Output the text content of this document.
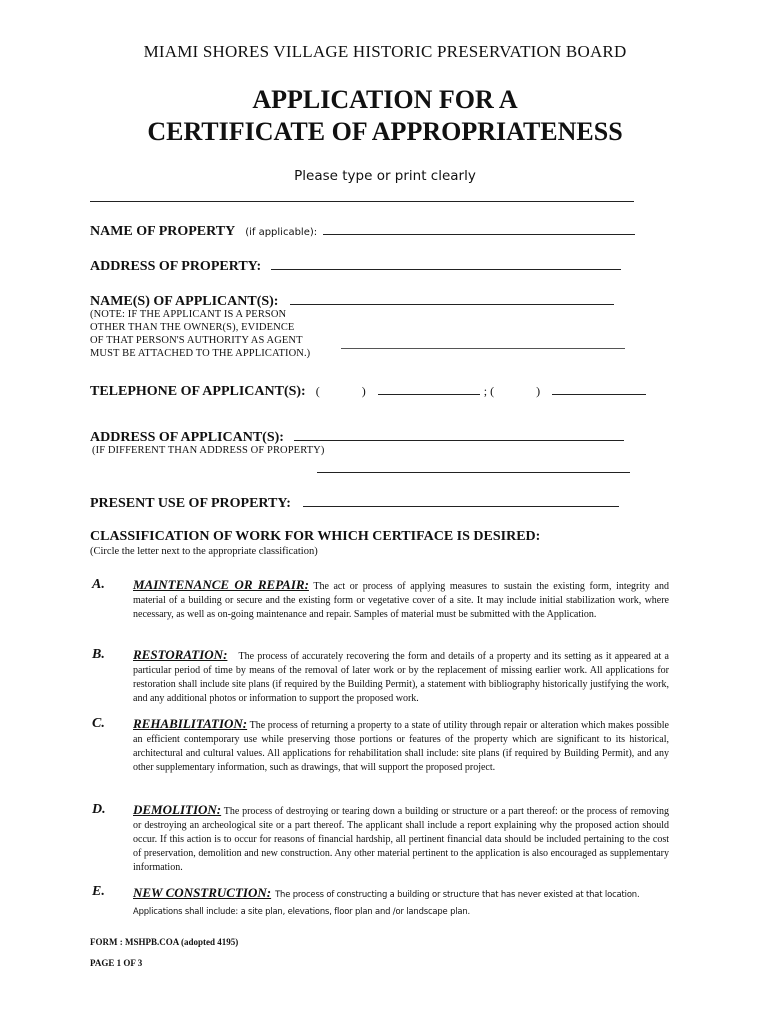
MIAMI SHORES VILLAGE HISTORIC PRESERVATION BOARD
APPLICATION FOR A
CERTIFICATE OF APPROPRIATENESS
Please type or print clearly
NAME OF PROPERTY (if applicable):
ADDRESS OF PROPERTY:
NAME(S) OF APPLICANT(S):
(NOTE: IF THE APPLICANT IS A PERSON
OTHER THAN THE OWNER(S), EVIDENCE
OF THAT PERSON'S AUTHORITY AS AGENT
MUST BE ATTACHED TO THE APPLICATION.)
TELEPHONE OF APPLICANT(S): (	)	; (	)
ADDRESS OF APPLICANT(S):
(IF DIFFERENT THAN ADDRESS OF PROPERTY)
PRESENT USE OF PROPERTY:
CLASSIFICATION OF WORK FOR WHICH CERTIFACE IS DESIRED:
(Circle the letter next to the appropriate classification)
A. MAINTENANCE OR REPAIR: The act or process of applying measures to sustain the existing form, integrity and material of a building or secure and the existing form or vegetative cover of a site. It may include initial stabilization work, where necessary, as well as on-going maintenance and repair. Samples of material must be submitted with the Application.
B. RESTORATION: The process of accurately recovering the form and details of a property and its setting as it appeared at a particular period of time by means of the removal of later work or by the replacement of missing earlier work. All applications for restoration shall include site plans (if required by the Building Permit), a statement with bibliography historically justifying the work, and any additional photos or information to support the proposed work.
C. REHABILITATION: The process of returning a property to a state of utility through repair or alteration which makes possible an efficient contemporary use while preserving those portions or features of the property which are significant to its historical, architectural and cultural values. All applications for rehabilitation shall include: site plans (if required by Building Permit), and any other supplementary information, such as drawings, that will support the proposed project.
D. DEMOLITION: The process of destroying or tearing down a building or structure or a part thereof: or the process of removing or destroying an archeological site or a part thereof. The applicant shall include a report explaining why the proposed action should occur. If this action is to occur for reasons of financial hardship, all pertinent financial data should be included pertaining to the cost of preservation, demolition and new construction. Any other material pertinent to the application is also encouraged as supplementary information.
E. NEW CONSTRUCTION: The process of constructing a building or structure that has never existed at that location. Applications shall include: a site plan, elevations, floor plan and /or landscape plan.
FORM : MSHPB.COA (adopted 4195)
PAGE 1 OF 3
